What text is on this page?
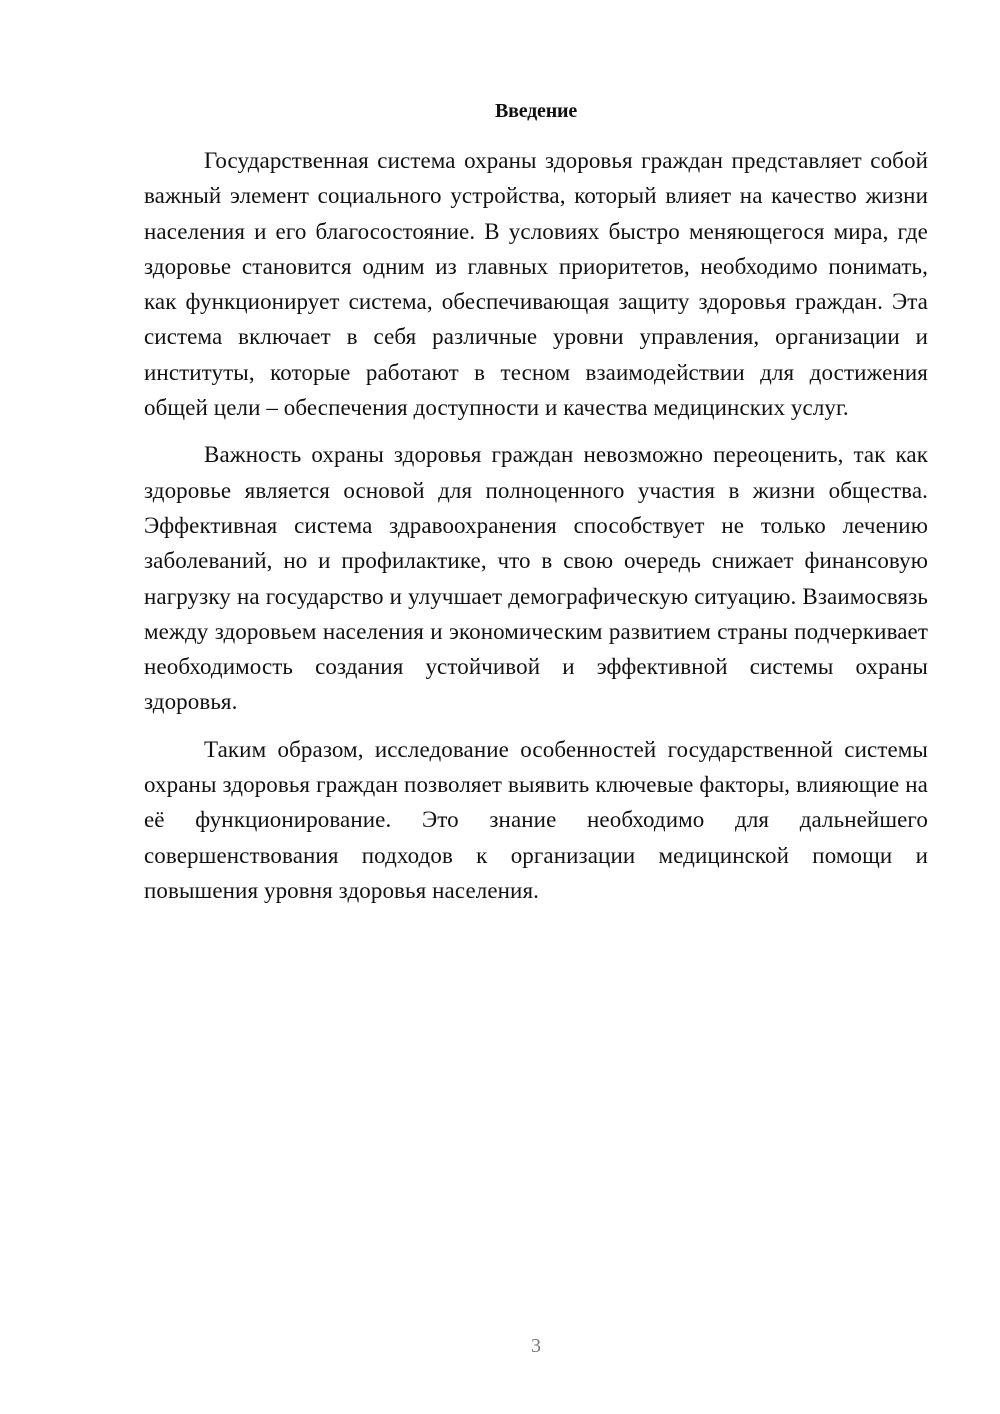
Введение

Государственная система охраны здоровья граждан представляет собой важный элемент социального устройства, который влияет на качество жизни населения и его благосостояние. В условиях быстро меняющегося мира, где здоровье становится одним из главных приоритетов, необходимо понимать, как функционирует система, обеспечивающая защиту здоровья граждан. Эта система включает в себя различные уровни управления, организации и институты, которые работают в тесном взаимодействии для достижения общей цели – обеспечения доступности и качества медицинских услуг.

Важность охраны здоровья граждан невозможно переоценить, так как здоровье является основой для полноценного участия в жизни общества. Эффективная система здравоохранения способствует не только лечению заболеваний, но и профилактике, что в свою очередь снижает финансовую нагрузку на государство и улучшает демографическую ситуацию. Взаимосвязь между здоровьем населения и экономическим развитием страны подчеркивает необходимость создания устойчивой и эффективной системы охраны здоровья.

Таким образом, исследование особенностей государственной системы охраны здоровья граждан позволяет выявить ключевые факторы, влияющие на её функционирование. Это знание необходимо для дальнейшего совершенствования подходов к организации медицинской помощи и повышения уровня здоровья населения.

3
